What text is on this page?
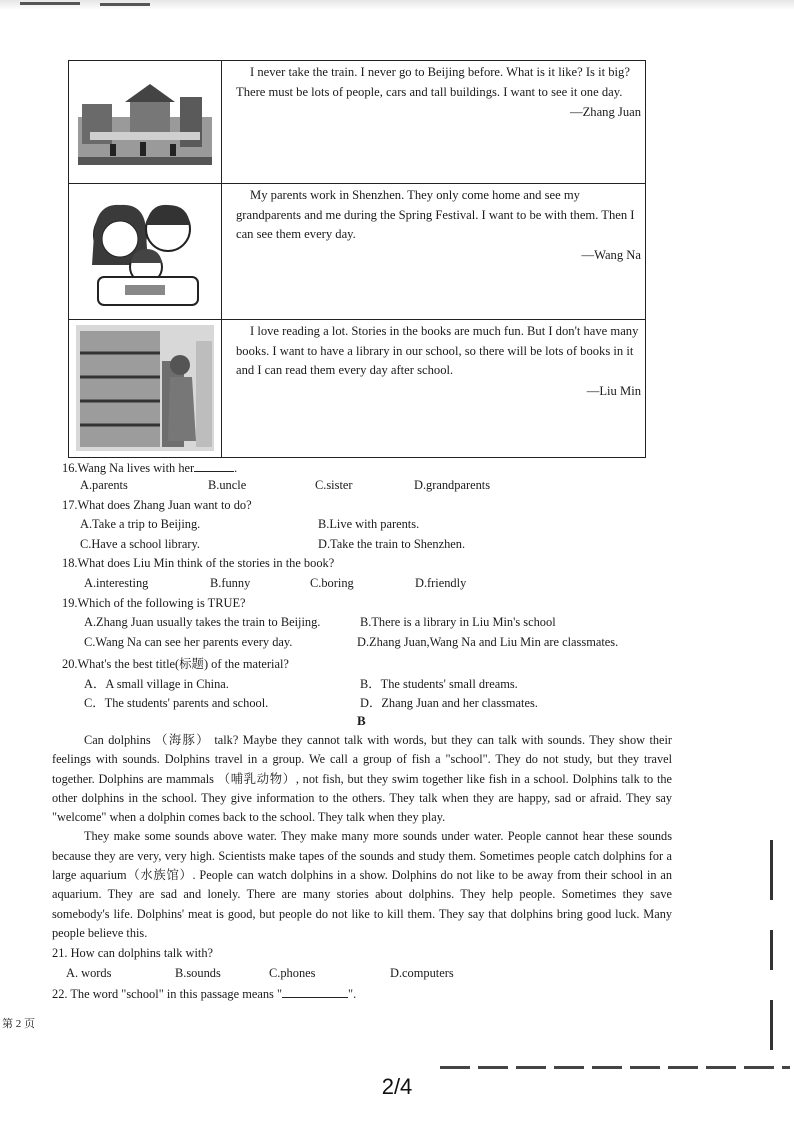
I never take the train. I never go to Beijing before. What is it like? Is it big? There must be lots of people, cars and tall buildings. I want to see it one day.

—Zhang Juan

My parents work in Shenzhen. They only come home and see my grandparents and me during the Spring Festival. I want to be with them. Then I can see them every day.

—Wang Na

I love reading a lot. Stories in the books are much fun. But I don't have many books. I want to have a library in our school, so there will be lots of books in it and I can read them every day after school.

—Liu Min
16.Wang Na lives with her	.
A.parents	B.uncle	C.sister	D.grandparents
17.What does Zhang Juan want to do?
A.Take a trip to Beijing.	B.Live with parents.
C.Have a school library.	D.Take the train to Shenzhen.
18.What does Liu Min think of the stories in the book?
A.interesting	B.funny	C.boring	D.friendly
19.Which of the following is TRUE?
A.Zhang Juan usually takes the train to Beijing.	B.There is a library in Liu Min's school
C.Wang Na can see her parents every day.	D.Zhang Juan,Wang Na and Liu Min are classmates.
20.What's the best title(标题) of the material?
A．A small village in China.	B．The students' small dreams.
C．The students' parents and school.	D．Zhang Juan and her classmates.
B

Can dolphins （海豚） talk? Maybe they cannot talk with words, but they can talk with sounds. They show their feelings with sounds. Dolphins travel in a group. We call a group of fish a "school". They do not study, but they travel together. Dolphins are mammals （哺乳动物）, not fish, but they swim together like fish in a school. Dolphins talk to the other dolphins in the school. They give information to the others. They talk when they are happy, sad or afraid. They say "welcome" when a dolphin comes back to the school. They talk when they play.

They make some sounds above water. They make many more sounds under water. People cannot hear these sounds because they are very, very high. Scientists make tapes of the sounds and study them. Sometimes people catch dolphins for a large aquarium（水族馆）. People can watch dolphins in a show. Dolphins do not like to be away from their school in an aquarium. They are sad and lonely. There are many stories about dolphins. They help people. Sometimes they save somebody's life. Dolphins' meat is good, but people do not like to kill them. They say that dolphins bring good luck. Many people believe this.

21. How can dolphins talk with?
A. words	B.sounds	C.phones	D.computers
22. The word "school" in this passage means "	".
第 2 页
2/4
